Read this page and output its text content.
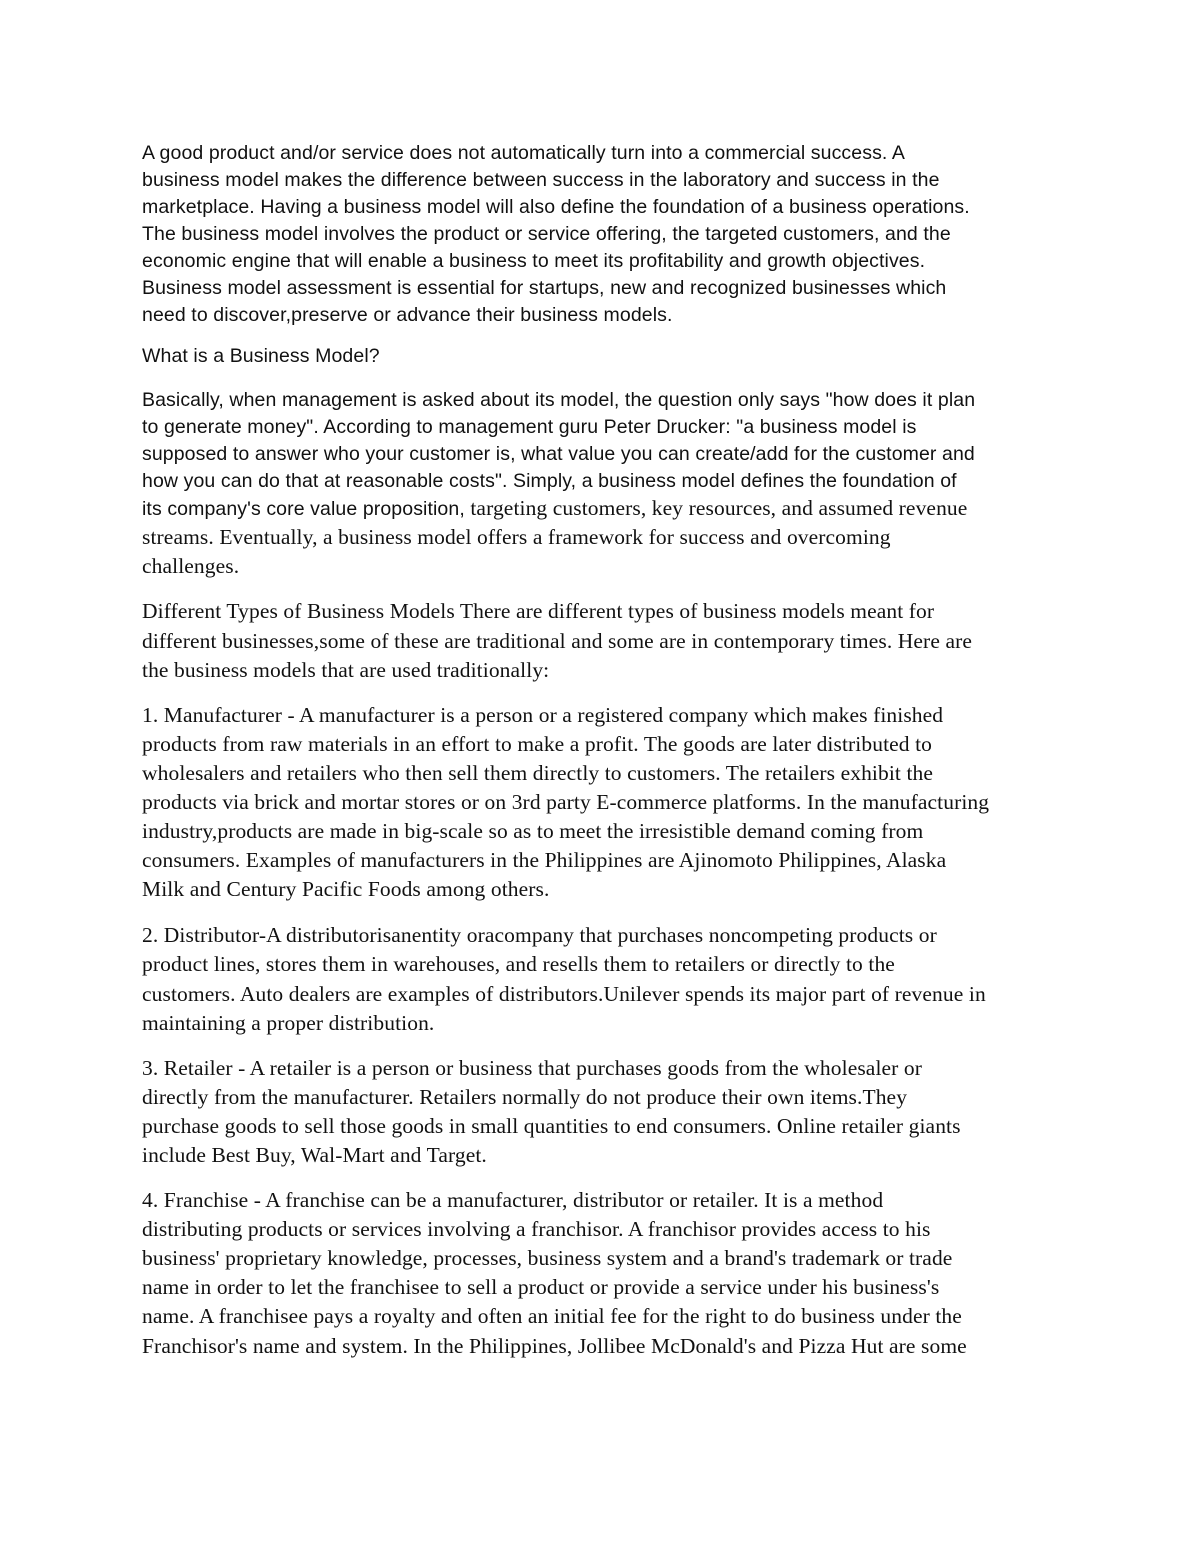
A good product and/or service does not automatically turn into a commercial success. A

business model makes the difference between success in the laboratory and success in the

marketplace. Having a business model will also define the foundation of a business operations.

The business model involves the product or service offering, the targeted customers, and the

economic engine that will enable a business to meet its profitability and growth objectives.

Business model assessment is essential for startups, new and recognized businesses which

need to discover,preserve or advance their business models.

What is a Business Model?

Basically, when management is asked about its model, the question only says "how does it plan

to generate money". According to management guru Peter Drucker: "a business model is

supposed to answer who your customer is, what value you can create/add for the customer and

how you can do that at reasonable costs". Simply, a business model defines the foundation of

its company's core value proposition, targeting customers, key resources, and assumed revenue

streams. Eventually, a business model offers a framework for success and overcoming

challenges.

Different Types of Business Models There are different types of business models meant for

different businesses,some of these are traditional and some are in contemporary times. Here are

the business models that are used traditionally:

1. Manufacturer - A manufacturer is a person or a registered company which makes finished

products from raw materials in an effort to make a profit. The goods are later distributed to

wholesalers and retailers who then sell them directly to customers. The retailers exhibit the

products via brick and mortar stores or on 3rd party E-commerce platforms. In the manufacturing

industry,products are made in big-scale so as to meet the irresistible demand coming from

consumers. Examples of manufacturers in the Philippines are Ajinomoto Philippines, Alaska

Milk and Century Pacific Foods among others.

2. Distributor-A distributorisanentity oracompany that purchases noncompeting products or

product lines, stores them in warehouses, and resells them to retailers or directly to the

customers. Auto dealers are examples of distributors.Unilever spends its major part of revenue in

maintaining a proper distribution.

3. Retailer - A retailer is a person or business that purchases goods from the wholesaler or

directly from the manufacturer. Retailers normally do not produce their own items.They

purchase goods to sell those goods in small quantities to end consumers. Online retailer giants

include Best Buy, Wal-Mart and Target.

4. Franchise - A franchise can be a manufacturer, distributor or retailer. It is a method

distributing products or services involving a franchisor. A franchisor provides access to his

business' proprietary knowledge, processes, business system and a brand's trademark or trade

name in order to let the franchisee to sell a product or provide a service under his business's

name. A franchisee pays a royalty and often an initial fee for the right to do business under the

Franchisor's name and system. In the Philippines, Jollibee McDonald's and Pizza Hut are some
